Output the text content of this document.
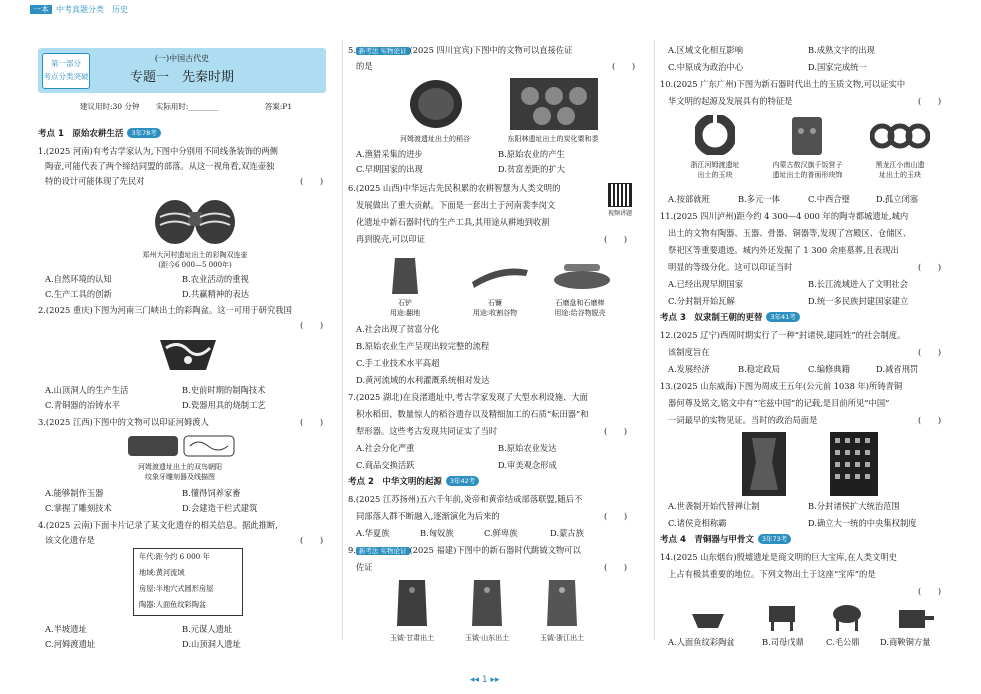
一本 中考真题分类　历史
第一部分
考点分类突破
(一)中国古代史
专题一　先秦时期
建议用时:30 分钟 实际用时:________	答案:P1
考点 1　原始农耕生活 3年78考
1.(2025 河南)有考古学家认为,下图中分别用不同线条装饰的两侧
陶壶,可能代表了两个缔结同盟的部落。从这一视角看,双连壶独
特的设计可能体现了先民对	(　　)
郑州大河村遗址出土的彩陶双连壶
(距今6 000—5 000年)
A.自然环境的认知	B.农业活动的重视
C.生产工具的创新	D.共赢精神的表达
2.(2025 重庆)下图为河南三门峡出土的彩陶盆。这一可用于研究我国
(　　)
A.山顶洞人的生产生活	B.史前时期的制陶技术
C.青铜器的冶铸水平	D.瓷器用具的烧制工艺
3.(2025 江西)下图中的文物可以印证河姆渡人	(　　)
河姆渡遗址出土的双鸟朝阳
纹象牙雕刻器及线描图
A.能够制作玉器	B.懂得饲养家畜
C.掌握了雕刻技术	D.会建造干栏式建筑
4.(2025 云南)下面卡片记录了某文化遗存的相关信息。据此推断,
该文化遗存是	(　　)
年代:距今约 6 000 年
地域:黄河流域
房屋:半地穴式圆形房屋
陶器:人面鱼纹彩陶盆
A.半坡遗址	B.元谋人遗址
C.河姆渡遗址	D.山顶洞人遗址
5. 新考法 实物论证 (2025 四川宜宾)下图中的文物可以直接佐证
的是	(　　)
河姆渡遗址出土的稻谷	东阳林遗址出土的炭化粟和黍
A.渔猎采集的进步	B.原始农业的产生
C.早期国家的出现	D.贫富差距的扩大
6.(2025 山西)中华远古先民积累的农耕智慧为人类文明的
发展做出了重大贡献。下面是一套出土于河南裴李岗文
化遗址中新石器时代的生产工具,其用途从耕地到收割
再到脱壳,可以印证	(　　)
视频讲题
石铲
用途:翻地
石镰
用途:收割谷物
石磨盘和石磨棒
用途:给谷物脱壳
A.社会出现了贫富分化
B.原始农业生产呈现出较完整的流程
C.手工业技术水平高超
D.黄河流域的水利灌溉系统相对发达
7.(2025 湖北)在良渚遗址中,考古学家发现了大型水利设施、大面
积水稻田、数量惊人的稻谷遗存以及精细加工的石质“耘田器”和
犁形器。这些考古发现共同证实了当时	(　　)
A.社会分化严重	B.原始农业发达
C.商品交换活跃	D.审美观念形成
考点 2　中华文明的起源 3年42考
8.(2025 江苏扬州)五六千年前,炎帝和黄帝结成部落联盟,随后不
同部落人群不断融入,逐渐演化为后来的	(　　)
A.华夏族	B.匈奴族	C.鲜卑族	D.蒙古族
9. 新考法 实物论证 (2025 福建)下图中的新石器时代跳钺文物可以
佐证	(　　)
玉钺·甘肃出土	玉钺·山东出土	玉钺·浙江出土
A.区域文化相互影响	B.成熟文字的出现
C.中原成为政治中心	D.国家完成统一
10.(2025 广东广州)下图为新石器时代出土的玉质文物,可以证实中
华文明的起源及发展具有的特征是	(　　)
浙江河姆渡遗址
出土的玉玦
内蒙古敖汉旗千饭营子
遗址出土的普面形玦饰
黑龙江小南山遗
址出土的玉玦
A.按部就班	B.多元一体	C.中西合璧	D.孤立闭塞
11.(2025 四川泸州)距今约 4 300—4 000 年的陶寺都城遗址,城内
出土的文物有陶器、玉器、骨器、铜器等,发现了宫殿区、仓储区、
祭祀区等重要遗迹。城内外还发掘了 1 300 余座墓葬,且表现出
明显的等级分化。这可以印证当时	(　　)
A.已经出现早期国家	B.长江流域进入了文明社会
C.分封制开始瓦解	D.统一多民族封建国家建立
考点 3　奴隶制王朝的更替 3年41考
12.(2025 辽宁)西周时期实行了一种“封诸侯,建同姓”的社会制度。
该制度旨在	(　　)
A.发展经济	B.稳定政局	C.编修典籍	D.减省刑罚
13.(2025 山东威海)下图为周成王五年(公元前 1038 年)所铸青铜
器何尊及铭文,铭文中有“宅兹中国”的记载,是目前所见“中国”
一词最早的实物见证。当时的政治局面是	(　　)
A.世袭制开始代替禅让制	B.分封诸侯扩大统治范围
C.诸侯竞相称霸	D.确立大一统的中央集权制度
考点 4　青铜器与甲骨文 3年73考
14.(2025 山东烟台)殷墟遗址是商文明的巨大宝库,在人类文明史
上占有极其重要的地位。下列文物出土于这座“宝库”的是
(　　)
A.人面鱼纹彩陶盆	B.司母戊鼎	C.毛公鼎 D.商鞅铜方量
◂◂ 1 ▸▸
